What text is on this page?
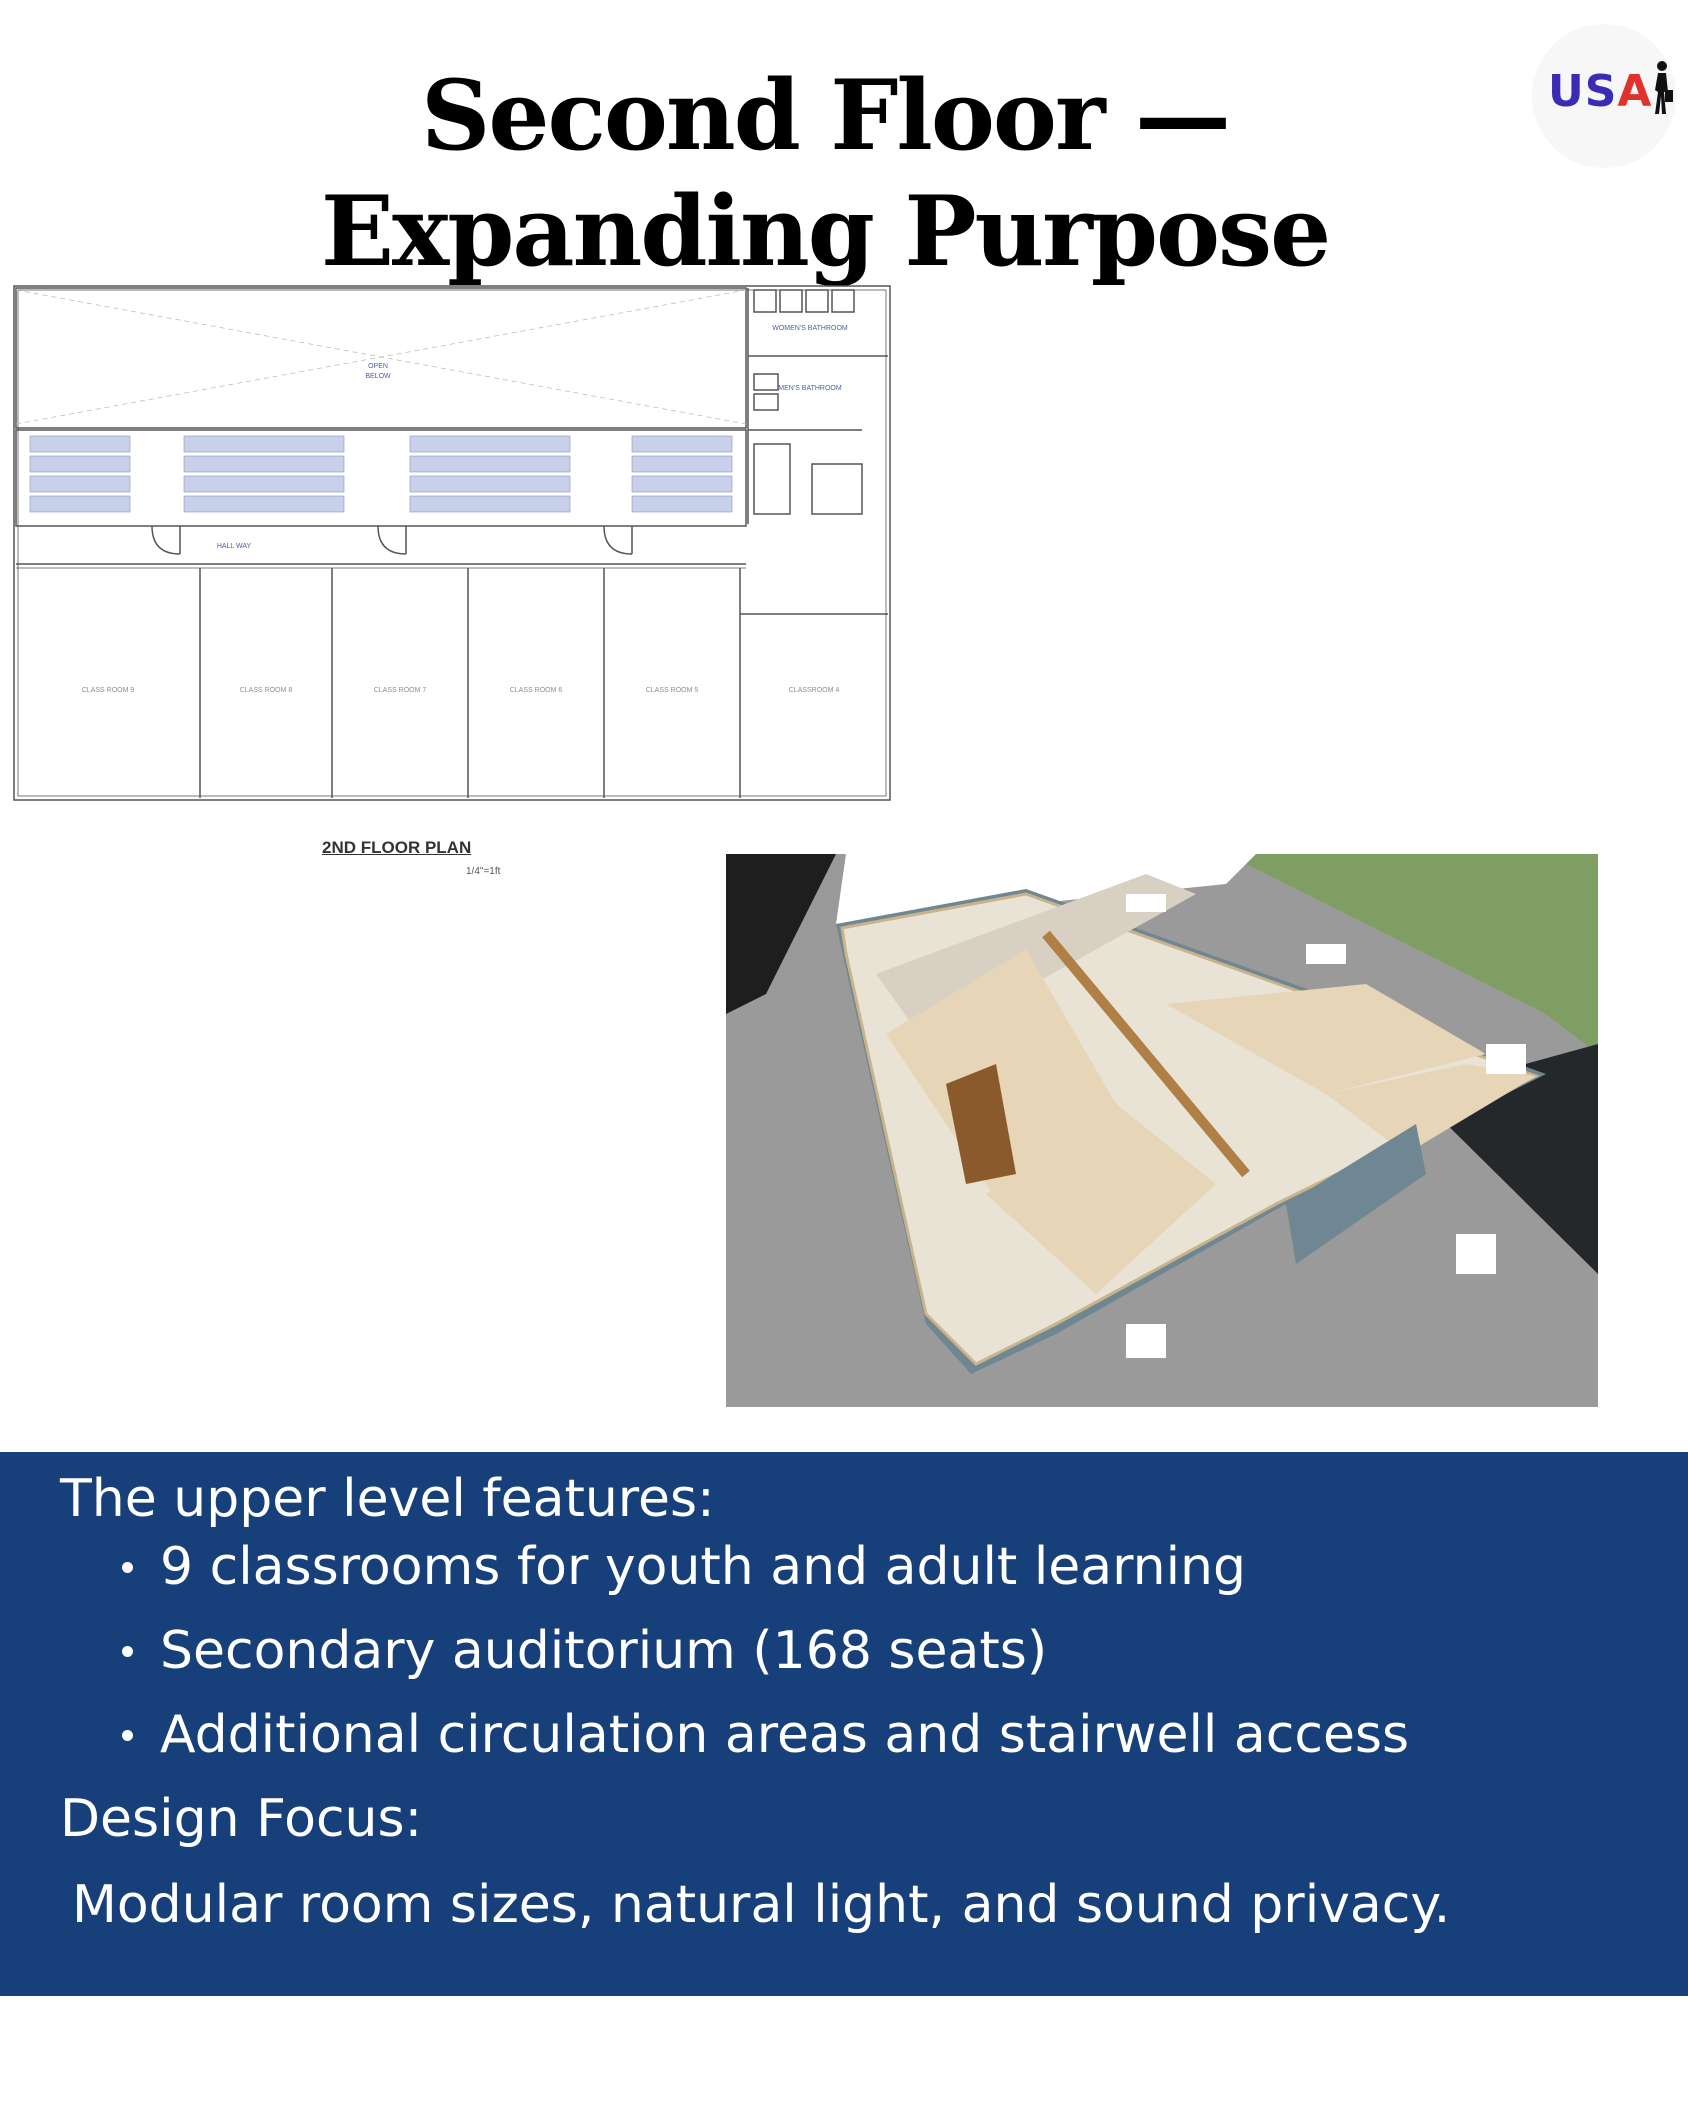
Second Floor — Expanding Purpose
USA
OPEN
BELOW
HALL WAY
WOMEN'S BATHROOM
MEN'S BATHROOM
CLASS ROOM 9	CLASS ROOM 8	CLASS ROOM 7	CLASS ROOM 6	CLASS ROOM 5	CLASSROOM 4
2ND FLOOR PLAN
1/4"=1ft
The upper level features:
9 classrooms for youth and adult learning
Secondary auditorium (168 seats)
Additional circulation areas and stairwell access
Design Focus:
Modular room sizes, natural light, and sound privacy.
